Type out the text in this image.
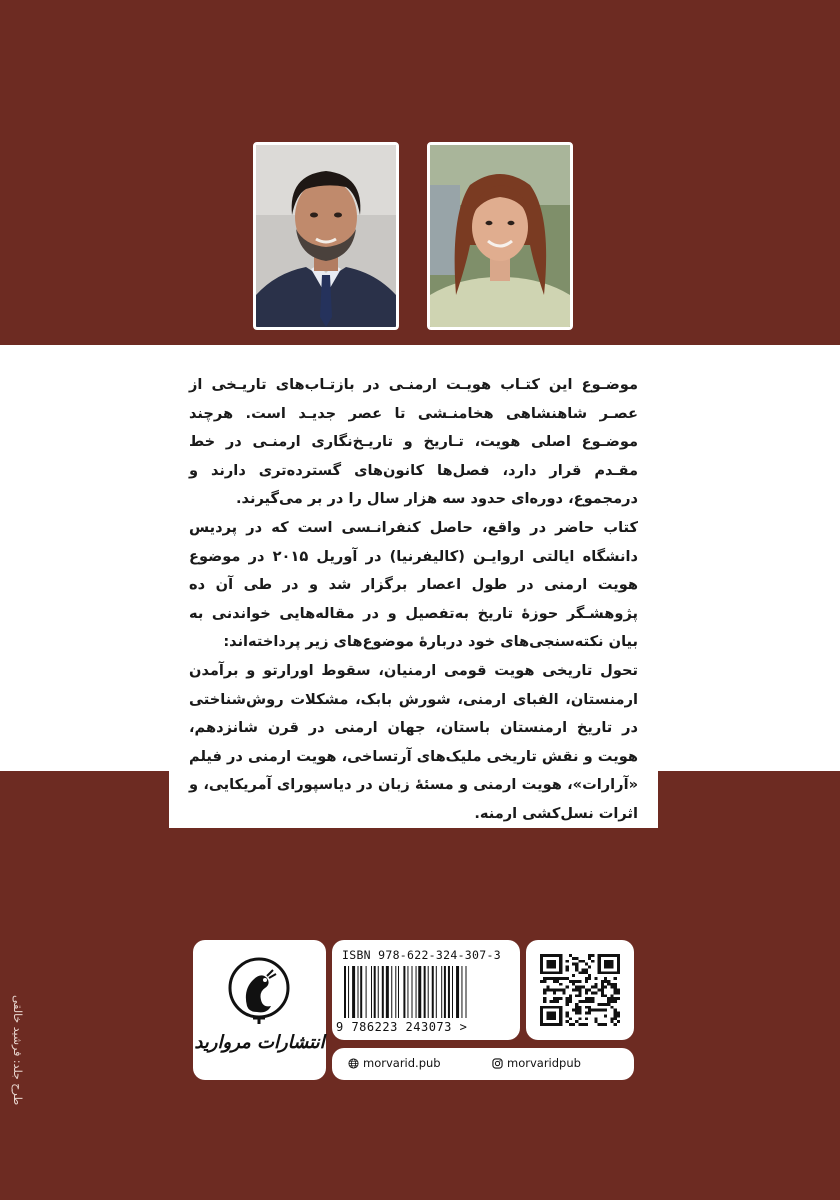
موضـوع این کتـاب هویـت ارمنـی در بازتـاب‌های تاریـخی از عصـر شاهنشاهی هخامنـشی تا عصر جدیـد است. هرچند موضـوع اصلی هویت، تـاریخ و تاریـخ‌نگاری ارمنـی در خط مقـدم قرار دارد، فصل‌ها کانون‌های گسترده‌تری دارند و درمجموع، دوره‌ای حدود سه هزار سال را در بر می‌گیرند.

کتاب حاضر در واقع، حاصل کنفرانـسی است که در پردیس دانشگاه ایالتی اروایـن (کالیفرنیا) در آوریل ۲۰۱۵ در موضوع هویت ارمنی در طول اعصار برگزار شد و در طی آن ده پژوهشـگر حوزهٔ تاریخ به‌تفصیل و در مقاله‌هایی خواندنی به بیان نکته‌سنجی‌های خود دربارهٔ موضوع‌های زیر پرداخته‌اند:

تحول تاریخی هویت قومی ارمنیان، سقوط اورارتو و برآمدن ارمنستان، الفبای ارمنی، شورش بابک، مشکلات روش‌شناختی در تاریخ ارمنستان باستان، جهان ارمنی در قرن شانزدهم، هویت و نقش تاریخی ملیک‌های آرتساخی، هویت ارمنی در فیلم «آرارات»، هویت ارمنی و مسئهٔ زبان در دیاسپورای آمریکایی، و اثرات نسل‌کشی ارمنه.

طرح جلد: فرشید خالقی	انتشارات مروارید
ISBN 978-622-324-307-3
9 786223 243073 >
morvarid.pub	morvaridpub
